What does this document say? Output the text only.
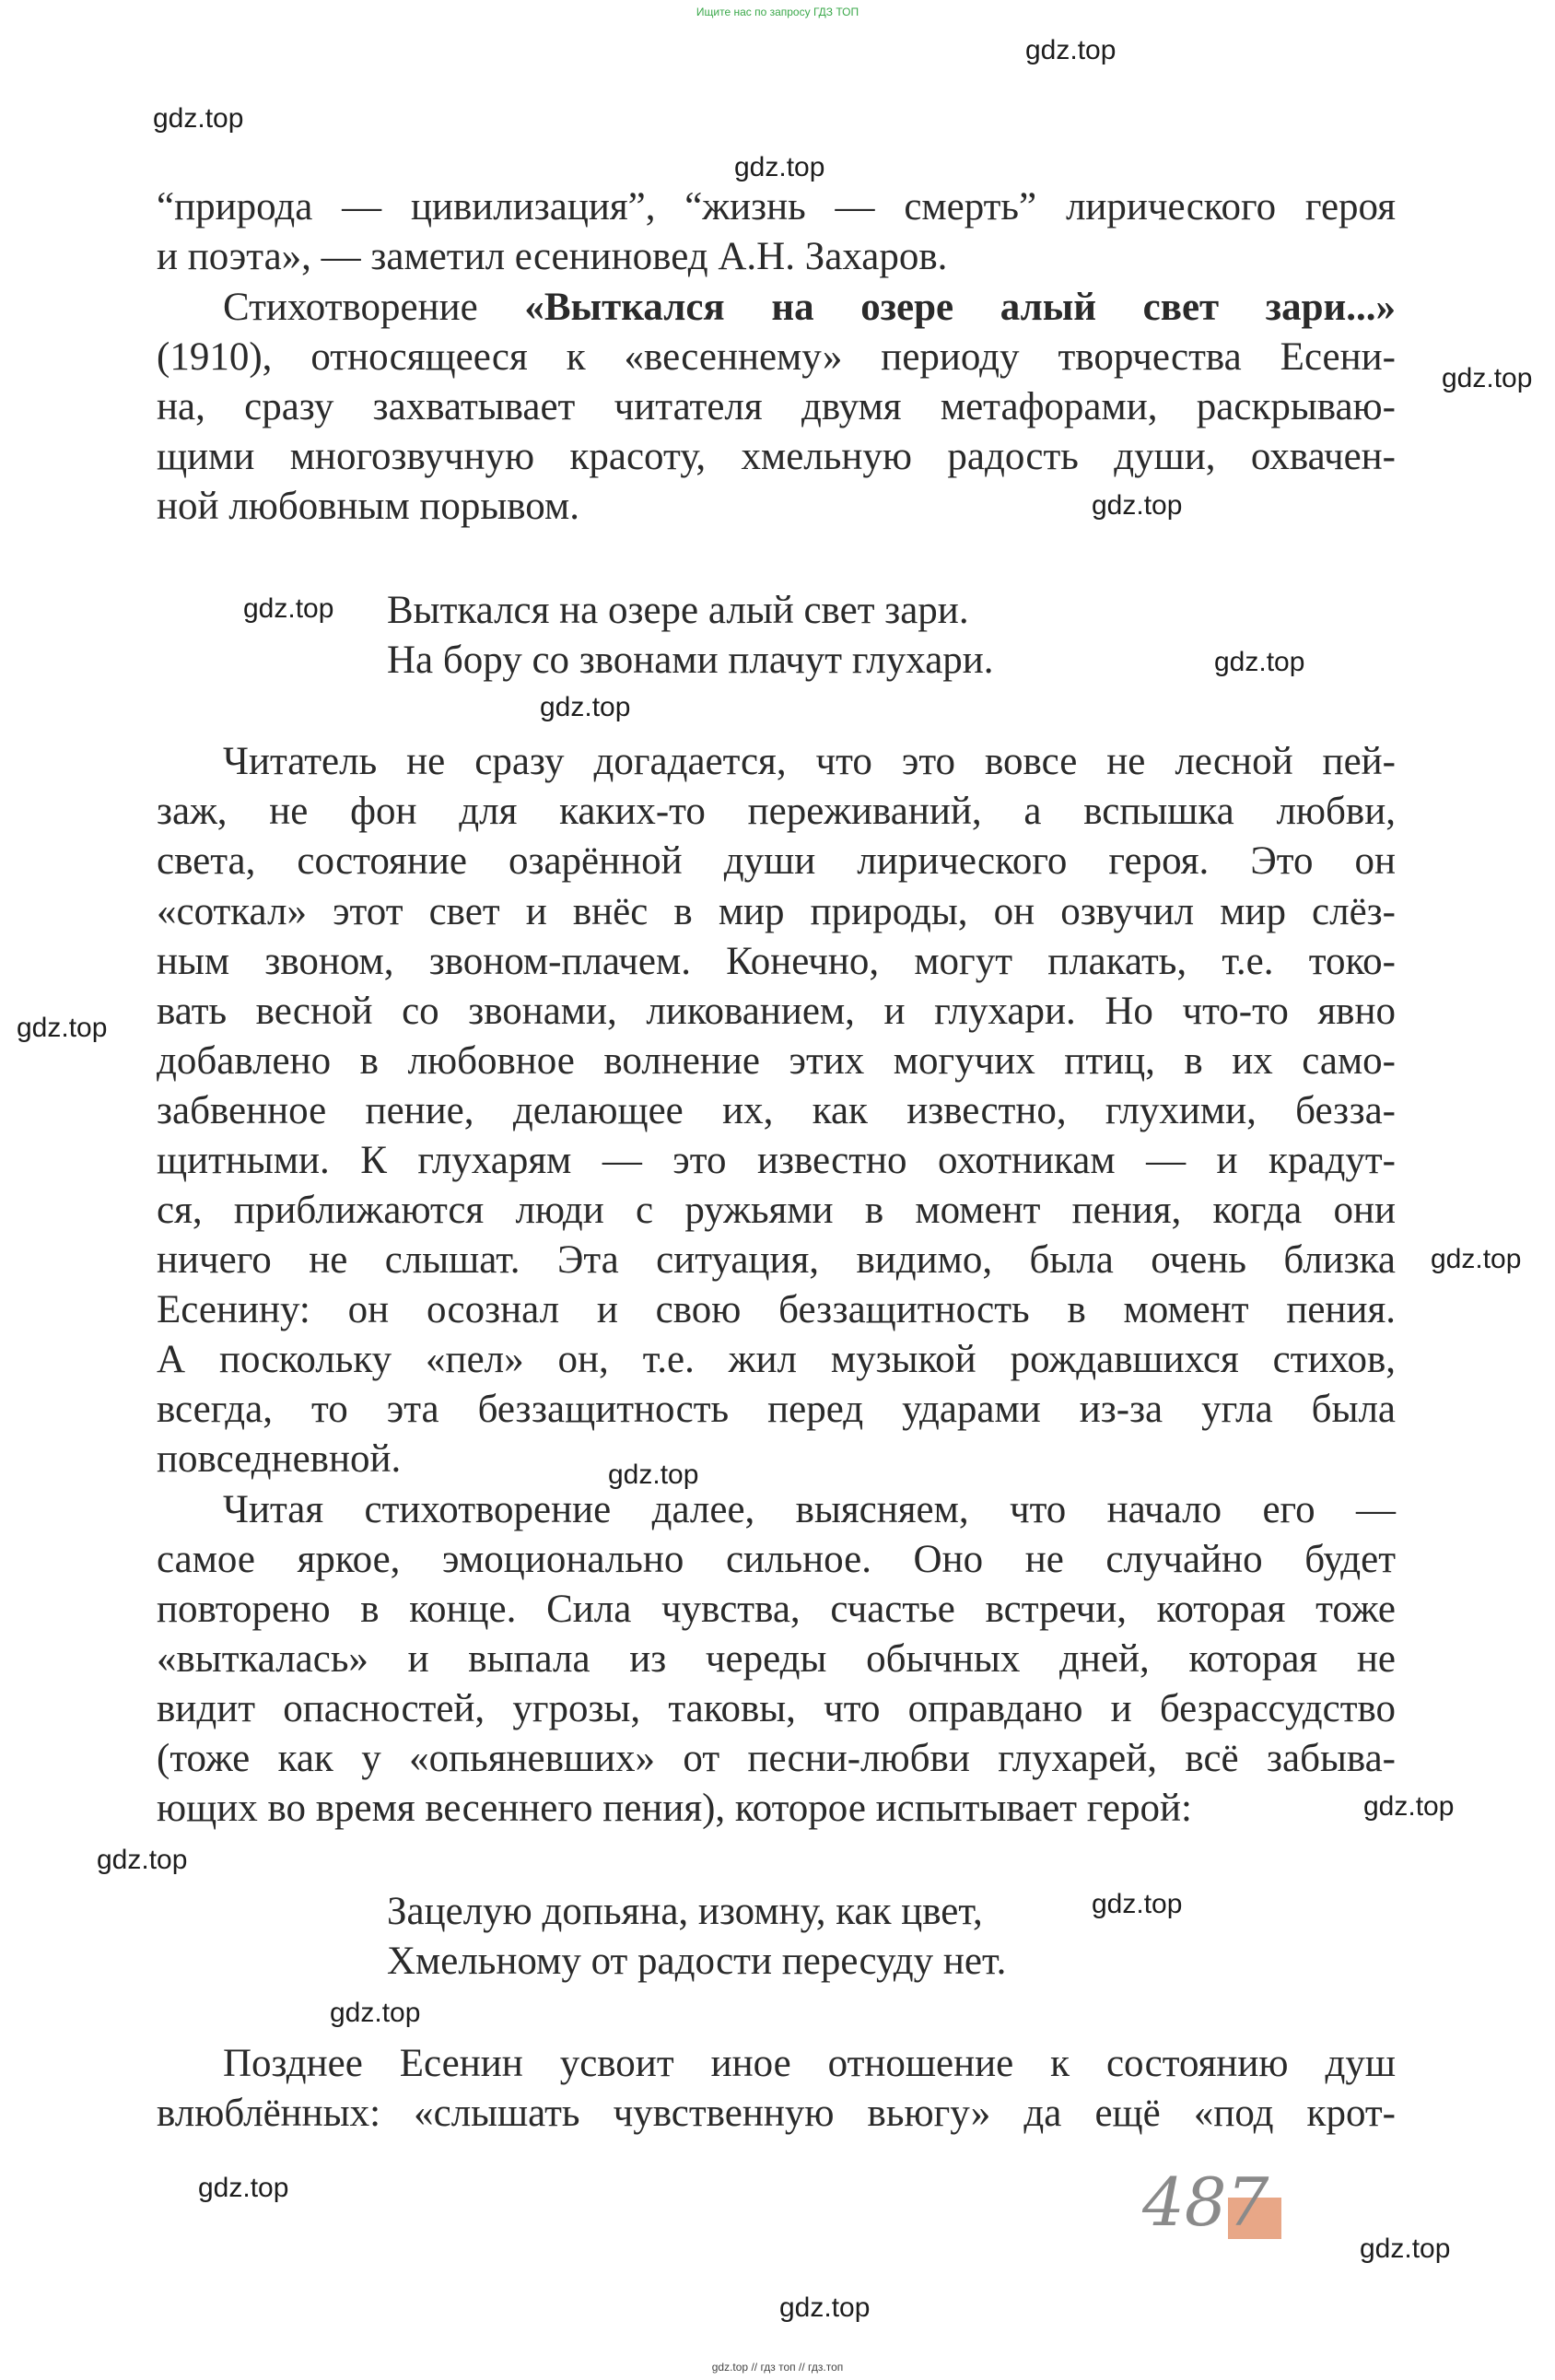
Ищите нас по запросу ГДЗ ТОП
gdz.top
gdz.top
gdz.top
gdz.top
gdz.top
gdz.top
gdz.top
gdz.top
gdz.top
gdz.top
gdz.top
gdz.top
gdz.top
gdz.top
gdz.top
gdz.top
gdz.top
gdz.top
“природа — цивилизация”, “жизнь — смерть” лирического героя
и поэта», — заметил есениновед А.Н. Захаров.
Стихотворение «Выткался на озере алый свет зари...»
(1910), относящееся к «весеннему» периоду творчества Есени-
на, сразу захватывает читателя двумя метафорами, раскрываю-
щими многозвучную красоту, хмельную радость души, охвачен-
ной любовным порывом.
Выткался на озере алый свет зари.
На бору со звонами плачут глухари.
Читатель не сразу догадается, что это вовсе не лесной пей-
заж, не фон для каких-то переживаний, а вспышка любви,
света, состояние озарённой души лирического героя. Это он
«соткал» этот свет и внёс в мир природы, он озвучил мир слёз-
ным звоном, звоном-плачем. Конечно, могут плакать, т.е. токо-
вать весной со звонами, ликованием, и глухари. Но что-то явно
добавлено в любовное волнение этих могучих птиц, в их само-
забвенное пение, делающее их, как известно, глухими, безза-
щитными. К глухарям — это известно охотникам — и крадут-
ся, приближаются люди с ружьями в момент пения, когда они
ничего не слышат. Эта ситуация, видимо, была очень близка
Есенину: он осознал и свою беззащитность в момент пения.
А поскольку «пел» он, т.е. жил музыкой рождавшихся стихов,
всегда, то эта беззащитность перед ударами из-за угла была
повседневной.
Читая стихотворение далее, выясняем, что начало его —
самое яркое, эмоционально сильное. Оно не случайно будет
повторено в конце. Сила чувства, счастье встречи, которая тоже
«выткалась» и выпала из череды обычных дней, которая не
видит опасностей, угрозы, таковы, что оправдано и безрассудство
(тоже как у «опьяневших» от песни-любви глухарей, всё забыва-
ющих во время весеннего пения), которое испытывает герой:
Зацелую допьяна, изомну, как цвет,
Хмельному от радости пересуду нет.
Позднее Есенин усвоит иное отношение к состоянию душ
влюблённых: «слышать чувственную вьюгу» да ещё «под крот-
487
gdz.top // гдз топ // гдз.топ
